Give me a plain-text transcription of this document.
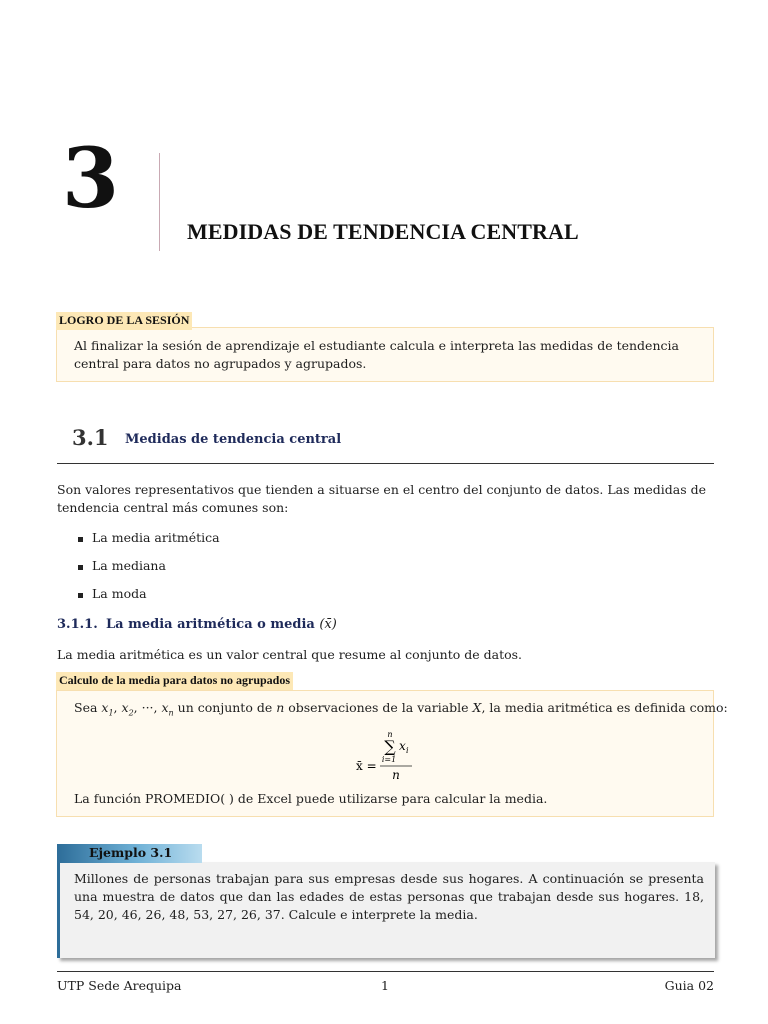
3
MEDIDAS DE TENDENCIA CENTRAL
LOGRO DE LA SESIÓN
Al finalizar la sesión de aprendizaje el estudiante calcula e interpreta las medidas de tendencia central para datos no agrupados y agrupados.
3.1 Medidas de tendencia central
Son valores representativos que tienden a situarse en el centro del conjunto de datos. Las medidas de tendencia central más comunes son:
La media aritmética
La mediana
La moda
3.1.1. La media aritmética o media (x̄)
La media aritmética es un valor central que resume al conjunto de datos.
Calculo de la media para datos no agrupados
Sea $x_1$, $x_2$, ···, $x_n$ un conjunto de n observaciones de la variable X, la media aritmética es definida como:
n
∑ x i
i=1
x̄ =
n
La función PROMEDIO( ) de Excel puede utilizarse para calcular la media.
Ejemplo 3.1
Millones de personas trabajan para sus empresas desde sus hogares. A continuación se presenta una muestra de datos que dan las edades de estas personas que trabajan desde sus hogares. 18, 54, 20, 46, 26, 48, 53, 27, 26, 37. Calcule e interprete la media.
UTP Sede Arequipa	1	Guia 02
